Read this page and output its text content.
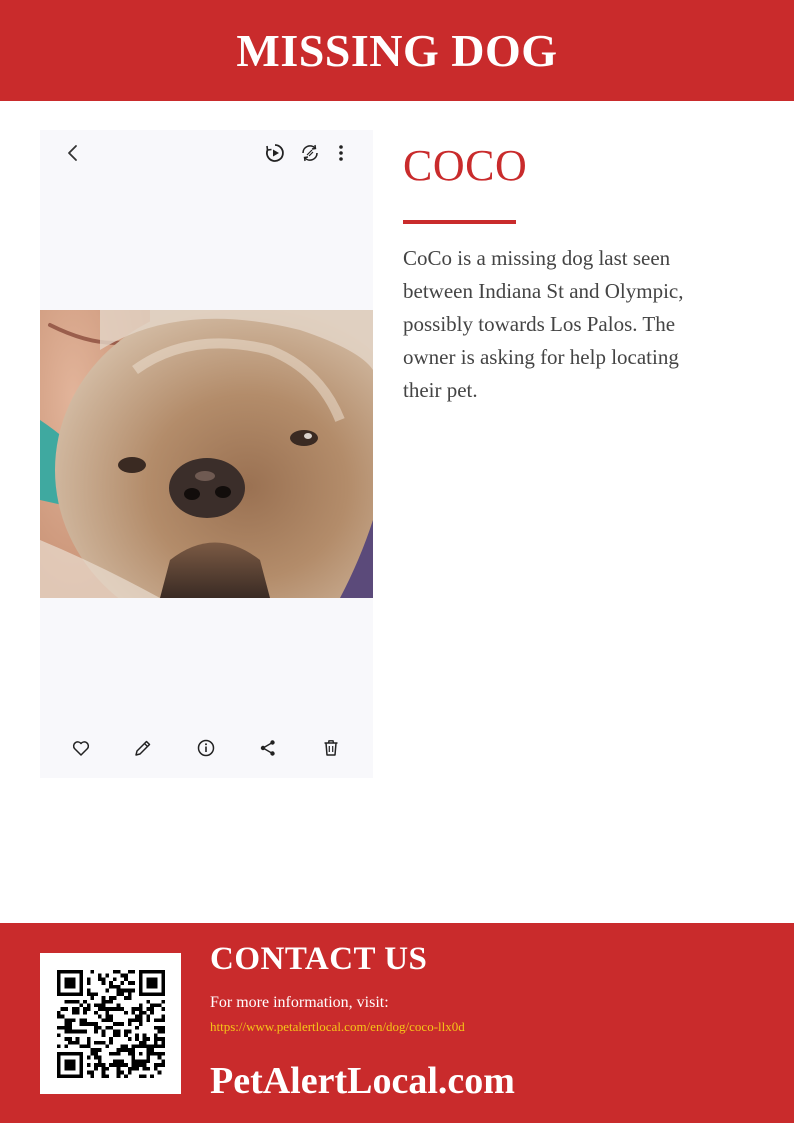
MISSING DOG
COCO
CoCo is a missing dog last seen between Indiana St and Olympic, possibly towards Los Palos. The owner is asking for help locating their pet.
CONTACT US
For more information, visit:
https://www.petalertlocal.com/en/dog/coco-llx0d
PetAlertLocal.com
